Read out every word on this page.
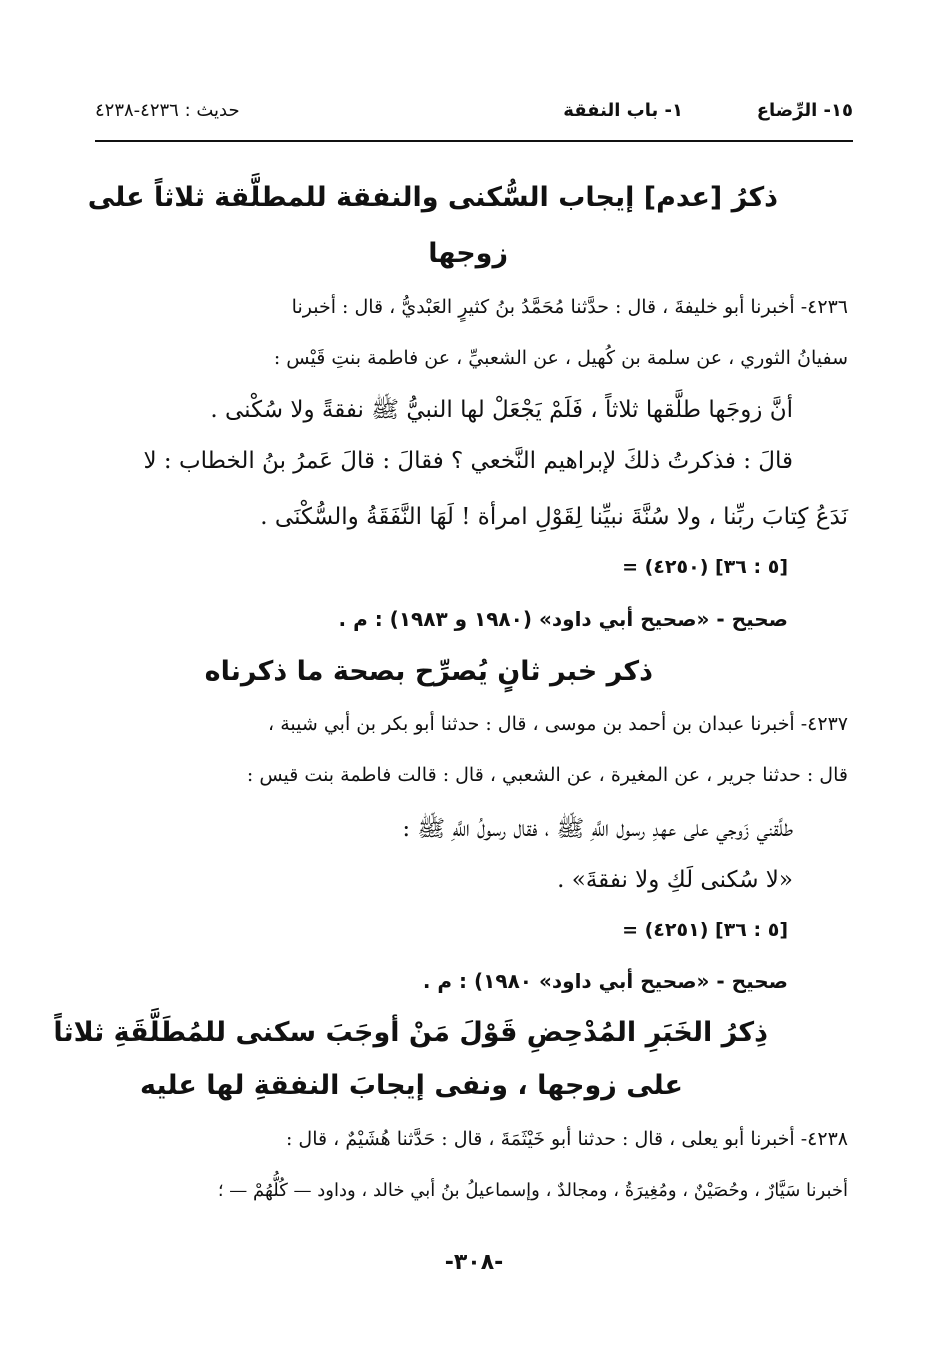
١٥- الرِّضاع
١- باب النفقة
حديث : ٤٢٣٦-٤٢٣٨
ذكرُ [عدم] إيجاب السُّكنى والنفقة للمطلَّقة ثلاثاً على
زوجها
٤٢٣٦- أخبرنا أبو خليفةَ ، قال : حدَّثنا مُحَمَّدُ بنُ كثيرٍ العَبْديُّ ، قال : أخبرنا
سفيانُ الثوري ، عن سلمة بن كُهيل ، عن الشعبيِّ ، عن فاطمة بنتِ قَيْس :
أنَّ زوجَها طلَّقها ثلاثاً ، فَلَمْ يَجْعَلْ لها النبيُّ ﷺ نفقةً ولا سُكْنى .
قالَ : فذكرتُ ذلكَ لإبراهيم النَّخعي ؟ فقالَ : قالَ عَمرُ بنُ الخطاب : لا
نَدَعُ كِتابَ ربِّنا ، ولا سُنَّةَ نبيِّنا لِقَوْلِ امرأة ! لَهَا النَّفَقَةُ والسُّكْنَى .
= (٤٢٥٠) [٥ : ٣٦]
صحيح - «صحيح أبي داود» (١٩٨٠ و ١٩٨٣) : م .
ذكر خبر ثانٍ يُصرِّح بصحة ما ذكرناه
٤٢٣٧- أخبرنا عبدان بن أحمد بن موسى ، قال : حدثنا أبو بكر بن أبي شيبة ،
قال : حدثنا جرير ، عن المغيرة ، عن الشعبي ، قال : قالت فاطمة بنت قيس :
طلَّقني زَوجي على عهدِ رسول اللَّهِ ﷺ ، فقال رسولُ اللَّهِ ﷺ :
«لا سُكنى لَكِ ولا نفقةَ» .
= (٤٢٥١) [٥ : ٣٦]
صحيح - «صحيح أبي داود» ١٩٨٠) : م .
ذِكرُ الخَبَرِ المُدْحِضِ قَوْلَ مَنْ أوجَبَ سكنى للمُطَلَّقَةِ ثلاثاً
على زوجها ، ونفى إيجابَ النفقةِ لها عليه
٤٢٣٨- أخبرنا أبو يعلى ، قال : حدثنا أبو خَيْثَمَةَ ، قال : حَدَّثنا هُشَيْمٌ ، قال :
أخبرنا سَيَّارٌ ، وحُصَيْنٌ ، ومُغِيرَةُ ، ومجالدٌ ، وإسماعيلُ بنُ أبي خالد ، وداود — كُلُّهُمْ — ؛
-٣٠٨-
